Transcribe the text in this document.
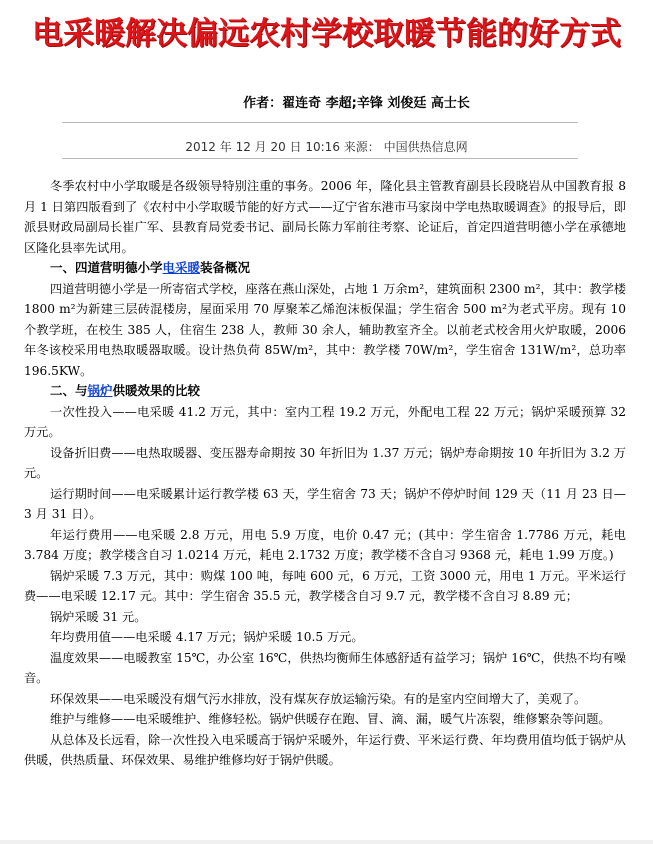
电采暖解决偏远农村学校取暖节能的好方式
作者：翟连奇 李超;辛锋 刘俊廷 高士长
2012 年 12 月 20 日 10:16 来源： 中国供热信息网

冬季农村中小学取暖是各级领导特别注重的事务。2006 年，隆化县主管教育副县长段晓岩从中国教育报 8 月 1 日第四版看到了《农村中小学取暖节能的好方式——辽宁省东港市马家岗中学电热取暖调查》的报导后，即派县财政局副局长崔广军、县教育局党委书记、副局长陈力军前往考察、论证后，首定四道营明德小学在承德地区隆化县率先试用。

一、四道营明德小学电采暖装备概况

四道营明德小学是一所寄宿式学校，座落在燕山深处，占地 1 万余m²，建筑面积 2300 m²，其中：教学楼 1800 m²为新建三层砖混楼房，屋面采用 70 厚聚苯乙烯泡沫板保温；学生宿舍 500 m²为老式平房。现有 10 个教学班，在校生 385 人，住宿生 238 人，教师 30 余人，辅助教室齐全。以前老式校舍用火炉取暖，2006 年冬该校采用电热取暖器取暖。设计热负荷 85W/m²，其中：教学楼 70W/m²，学生宿舍 131W/m²，总功率 196.5KW。

二、与锅炉供暖效果的比较

一次性投入——电采暖 41.2 万元，其中：室内工程 19.2 万元，外配电工程 22 万元；锅炉采暖预算 32 万元。

设备折旧费——电热取暖器、变压器寿命期按 30 年折旧为 1.37 万元；锅炉寿命期按 10 年折旧为 3.2 万元。

运行期时间——电采暖累计运行教学楼 63 天，学生宿舍 73 天；锅炉不停炉时间 129 天（11 月 23 日—3 月 31 日）。

年运行费用——电采暖 2.8 万元，用电 5.9 万度，电价 0.47 元；(其中：学生宿舍 1.7786 万元，耗电 3.784 万度；教学楼含自习 1.0214 万元，耗电 2.1732 万度；教学楼不含自习 9368 元，耗电 1.99 万度。)

锅炉采暖 7.3 万元，其中：购煤 100 吨，每吨 600 元，6 万元，工资 3000 元，用电 1 万元。平米运行费——电采暖 12.17 元。其中：学生宿舍 35.5 元，教学楼含自习 9.7 元，教学楼不含自习 8.89 元；

锅炉采暖 31 元。

年均费用值——电采暖 4.17 万元；锅炉采暖 10.5 万元。

温度效果——电暖教室 15℃，办公室 16℃，供热均衡师生体感舒适有益学习；锅炉 16℃，供热不均有噪音。

环保效果——电采暖没有烟气污水排放，没有煤灰存放运输污染。有的是室内空间增大了，美观了。

维护与维修——电采暖维护、维修轻松。锅炉供暖存在跑、冒、滴、漏，暖气片冻裂，维修繁杂等问题。

从总体及长远看，除一次性投入电采暖高于锅炉采暖外，年运行费、平米运行费、年均费用值均低于锅炉从供暖，供热质量、环保效果、易维护维修均好于锅炉供暖。
